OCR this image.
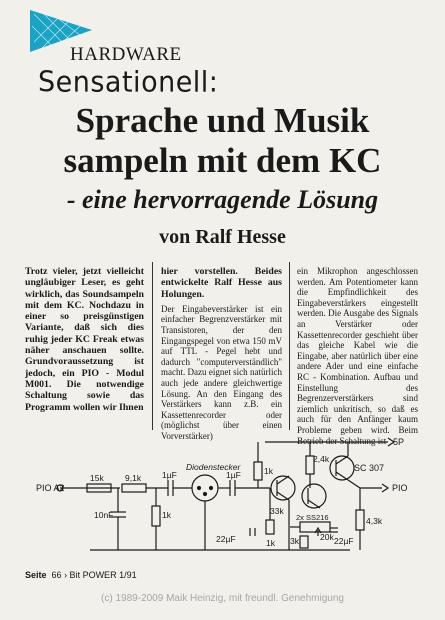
HARDWARE
Sensationell:
Sprache und Musik
sampeln mit dem KC
- eine hervorragende Lösung
von Ralf Hesse
Trotz vieler, jetzt vielleicht ungläubiger Leser, es geht wirklich, das Soundsampeln mit dem KC. Nochdazu in einer so preisgünstigen Variante, daß sich dies ruhig jeder KC Freak etwas näher anschauen sollte. Grundvoraussetzung ist jedoch, ein PIO - Modul M001. Die notwendige Schaltung sowie das Programm wollen wir Ihnen
hier vorstellen. Beides entwickelte Ralf Hesse aus Holungen.
Der Eingabeverstärker ist ein einfacher Begrenzverstärker mit Transistoren, der den Eingangspegel von etwa 150 mV auf TTL - Pegel hebt und dadurch "computerverständlich" macht. Dazu eignet sich natürlich auch jede andere gleichwertige Lösung. An den Eingang des Verstärkers kann z.B. ein Kassettenrecorder oder (möglichst über einen Vorverstärker)
ein Mikrophon angeschlossen werden. Am Potentiometer kann die Empfindlichkeit des Eingabeverstärkers eingestellt werden. Die Ausgabe des Signals an Verstärker oder Kassettenrecorder geschieht über das gleiche Kabel wie die Eingabe, aber natürlich über eine andere Ader und eine einfache RC - Kombination. Aufbau und Einstellung des Begrenzerverstärkers sind ziemlich unkritisch, so daß es auch für den Anfänger kaum Probleme geben wird. Beim Betrieb der Schaltung ist
PIO A2	PIO
5P
15k	9,1k
10nF	1k
1µF
Diodenstecker
1µF	1k
33k
1k
22µF
2,4k
2x SS216
20k
3k	22µF
SC 307
4,3k
Seite 66 › Bit POWER 1/91
(c) 1989-2009 Maik Heinzig, mit freundl. Genehmigung
